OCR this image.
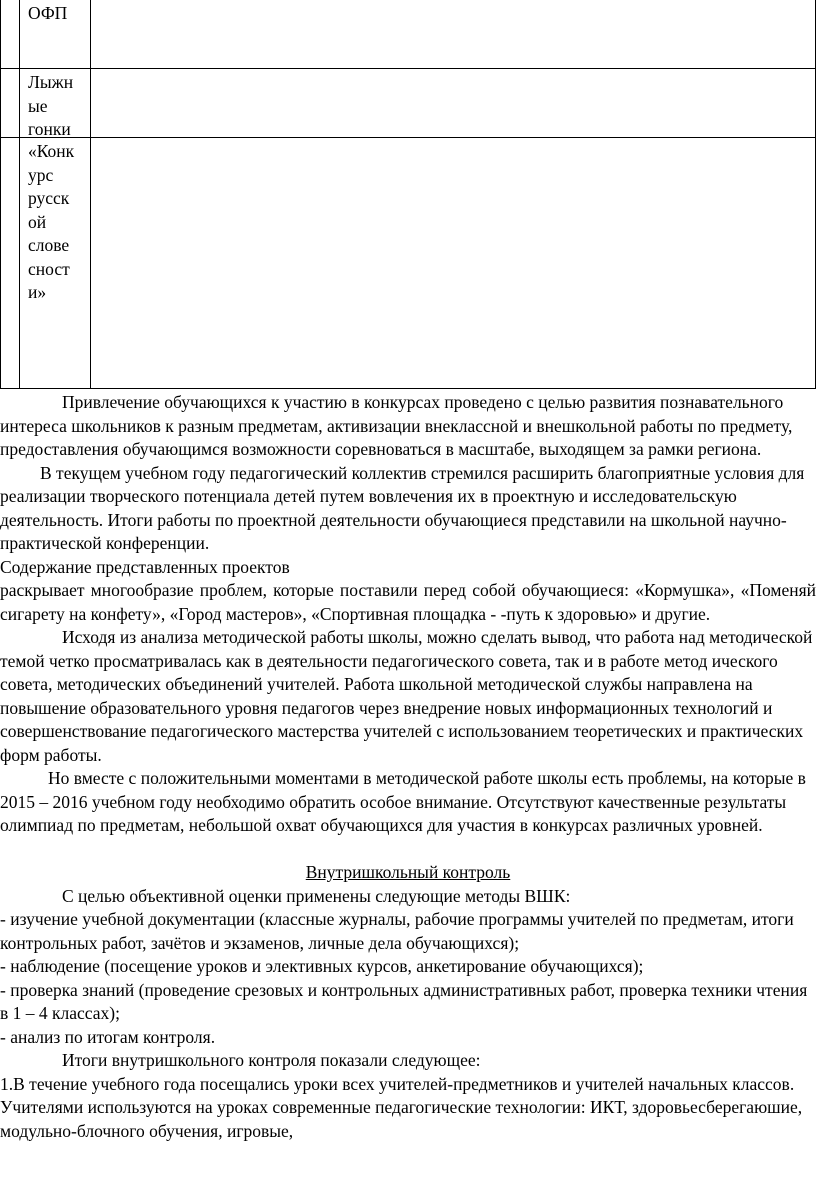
ОФП
Лыжн
ые
гонки
«Конк
урс
русск
ой
слове
сност
и»

Привлечение обучающихся к участию в конкурсах проведено с целью развития познавательного интереса школьников к разным предметам, активизации внеклассной и внешкольной работы по предмету, предоставления обучающимся возможности соревноваться в масштабе, выходящем за рамки региона.

В текущем учебном году педагогический коллектив стремился расширить благоприятные условия для реализации творческого потенциала детей путем вовлечения их в проектную и исследовательскую деятельность. Итоги работы по проектной деятельности обучающиеся представили на школьной научно-практической конференции.

Содержание представленных проектов

раскрывает многообразие проблем, которые поставили перед собой обучающиеся: «Кормушка», «Поменяй сигарету на конфету», «Город мастеров», «Спортивная площадка - -путь к здоровью» и другие.

Исходя из анализа методической работы школы, можно сделать вывод, что работа над методической темой четко просматривалась как в деятельности педагогического совета, так и в работе метод ического совета, методических объединений учителей. Работа школьной методической службы направлена на повышение образовательного уровня педагогов через внедрение новых информационных технологий и совершенствование педагогического мастерства учителей с использованием теоретических и практических форм работы.

Но вместе с положительными моментами в методической работе школы есть проблемы, на которые в 2015 – 2016 учебном году необходимо обратить особое внимание. Отсутствуют качественные результаты олимпиад по предметам, небольшой охват обучающихся для участия в конкурсах различных уровней.

Внутришкольный контроль

С целью объективной оценки применены следующие методы ВШК:

- изучение учебной документации (классные журналы, рабочие программы учителей по предметам, итоги контрольных работ, зачётов и экзаменов, личные дела обучающихся);

- наблюдение (посещение уроков и элективных курсов, анкетирование обучающихся);

- проверка знаний (проведение срезовых и контрольных административных работ, проверка техники чтения в 1 – 4 классах);

- анализ по итогам контроля.

Итоги внутришкольного контроля показали следующее:

1.В течение учебного года посещались уроки всех учителей-предметников и учителей начальных классов. Учителями используются на уроках современные педагогические технологии: ИКТ, здоровьесберегаюшие, модульно-блочного обучения, игровые,
